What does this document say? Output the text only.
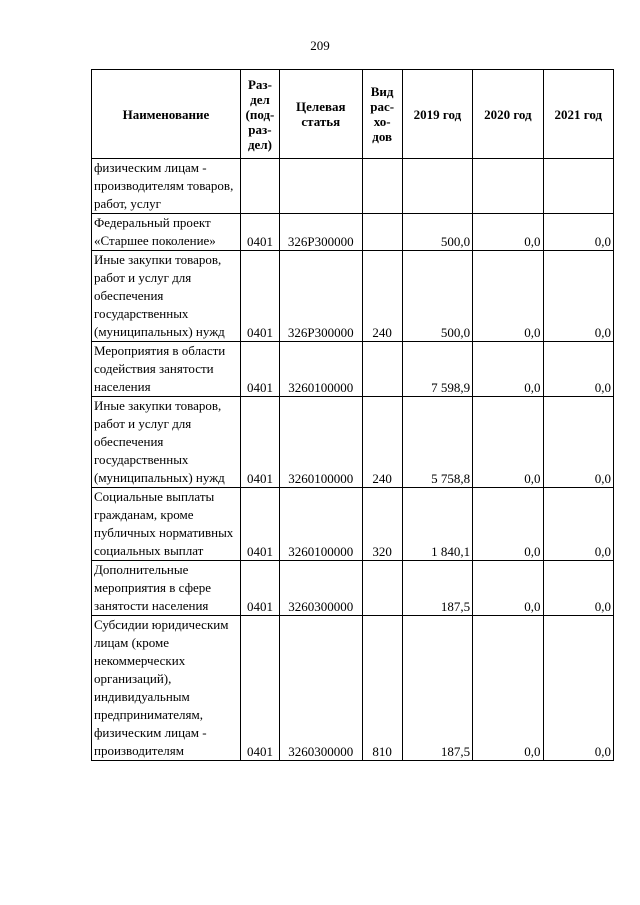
209
Наименование	Раз-дел (под-раз-дел)	Целевая статья	Вид рас-хо-дов	2019 год	2020 год	2021 год
физическим лицам - производителям товаров, работ, услуг						
Федеральный проект «Старшее поколение»	0401	326P300000		500,0	0,0	0,0
Иные закупки товаров, работ и услуг для обеспечения государственных (муниципальных) нужд	0401	326P300000	240	500,0	0,0	0,0
Мероприятия в области содействия занятости населения	0401	3260100000		7 598,9	0,0	0,0
Иные закупки товаров, работ и услуг для обеспечения государственных (муниципальных) нужд	0401	3260100000	240	5 758,8	0,0	0,0
Социальные выплаты гражданам, кроме публичных нормативных социальных выплат	0401	3260100000	320	1 840,1	0,0	0,0
Дополнительные мероприятия в сфере занятости населения	0401	3260300000		187,5	0,0	0,0
Субсидии юридическим лицам (кроме некоммерческих организаций), индивидуальным предпринимателям, физическим лицам - производителям	0401	3260300000	810	187,5	0,0	0,0
